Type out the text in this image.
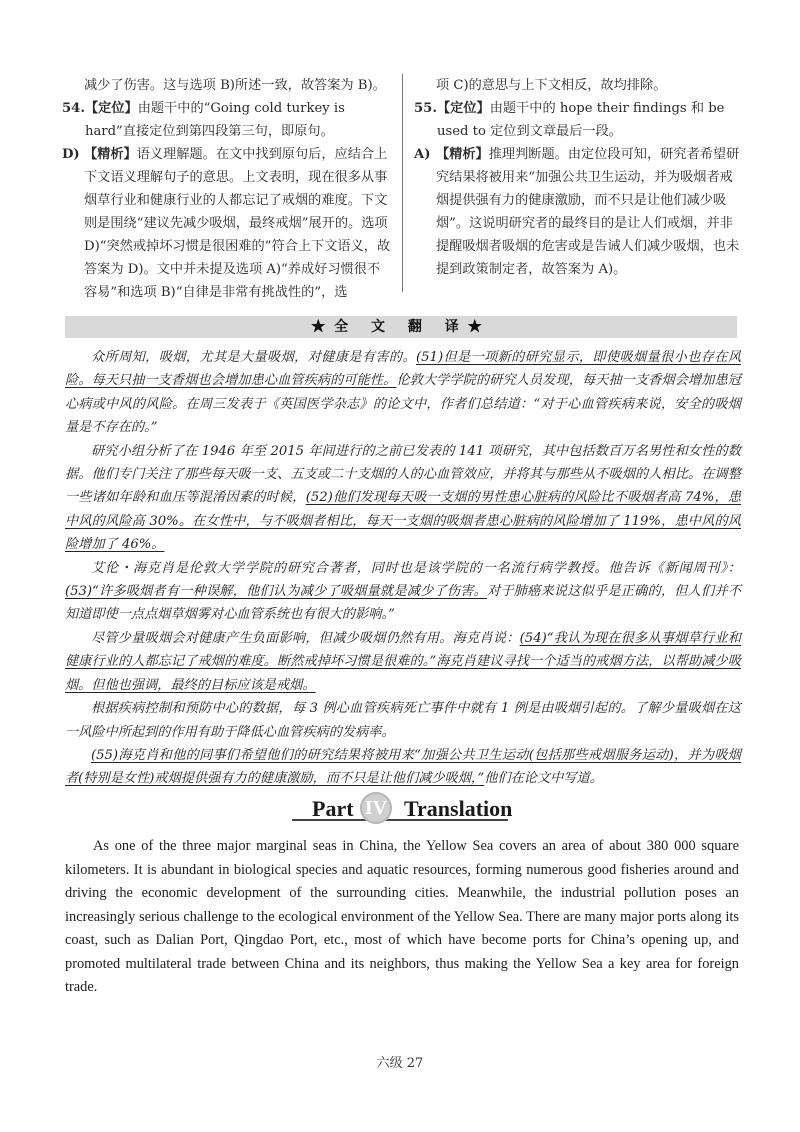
减少了伤害。这与选项 B)所述一致，故答案为 B)。

54. 【定位】由题干中的“Going cold turkey is hard”直接定位到第四段第三句，即原句。
D) 【精析】语义理解题。在文中找到原句后，应结合上下文语义理解句子的意思。上文表明，现在很多从事烟草行业和健康行业的人都忘记了戒烟的难度。下文则是围绕“建议先减少吸烟，最终戒烟”展开的。选项 D)“突然戒掉坏习惯是很困难的”符合上下文语义，故答案为 D)。文中并未提及选项 A)“养成好习惯很不容易”和选项 B)“自律是非常有挑战性的”，选

项 C)的意思与上下文相反，故均排除。

55. 【定位】由题干中的 hope their findings 和 be used to 定位到文章最后一段。
A) 【精析】推理判断题。由定位段可知，研究者希望研究结果将被用来“加强公共卫生运动，并为吸烟者戒烟提供强有力的健康激励，而不只是让他们减少吸烟”。这说明研究者的最终目的是让人们戒烟，并非提醒吸烟者吸烟的危害或是告诫人们减少吸烟，也未提到政策制定者，故答案为 A)。
★全 文 翻 译★

众所周知，吸烟，尤其是大量吸烟，对健康是有害的。(51)但是一项新的研究显示，即使吸烟量很小也存在风险。每天只抽一支香烟也会增加患心血管疾病的可能性。伦敦大学学院的研究人员发现，每天抽一支香烟会增加患冠心病或中风的风险。在周三发表于《英国医学杂志》的论文中，作者们总结道：“对于心血管疾病来说，安全的吸烟量是不存在的。”

研究小组分析了在 1946 年至 2015 年间进行的之前已发表的 141 项研究，其中包括数百万名男性和女性的数据。他们专门关注了那些每天吸一支、五支或二十支烟的人的心血管效应，并将其与那些从不吸烟的人相比。在调整一些诸如年龄和血压等混淆因素的时候，(52)他们发现每天吸一支烟的男性患心脏病的风险比不吸烟者高 74%，患中风的风险高 30%。在女性中，与不吸烟者相比，每天一支烟的吸烟者患心脏病的风险增加了 119%，患中风的风险增加了 46%。

艾伦・海克肖是伦敦大学学院的研究合著者，同时也是该学院的一名流行病学教授。他告诉《新闻周刊》：(53)“许多吸烟者有一种误解，他们认为减少了吸烟量就是减少了伤害。对于肺癌来说这似乎是正确的，但人们并不知道即使一点点烟草烟雾对心血管系统也有很大的影响。”

尽管少量吸烟会对健康产生负面影响，但减少吸烟仍然有用。海克肖说：(54)“我认为现在很多从事烟草行业和健康行业的人都忘记了戒烟的难度。断然戒掉坏习惯是很难的。”海克肖建议寻找一个适当的戒烟方法，以帮助减少吸烟。但他也强调，最终的目标应该是戒烟。

根据疾病控制和预防中心的数据，每 3 例心血管疾病死亡事件中就有 1 例是由吸烟引起的。了解少量吸烟在这一风险中所起到的作用有助于降低心血管疾病的发病率。

(55)海克肖和他的同事们希望他们的研究结果将被用来“加强公共卫生运动(包括那些戒烟服务运动)，并为吸烟者(特别是女性)戒烟提供强有力的健康激励，而不只是让他们减少吸烟，”他们在论文中写道。

Part IV Translation

As one of the three major marginal seas in China, the Yellow Sea covers an area of about 380 000 square kilometers. It is abundant in biological species and aquatic resources, forming numerous good fisheries around and driving the economic development of the surrounding cities. Meanwhile, the industrial pollution poses an increasingly serious challenge to the ecological environment of the Yellow Sea. There are many major ports along its coast, such as Dalian Port, Qingdao Port, etc., most of which have become ports for China’s opening up, and promoted multilateral trade between China and its neighbors, thus making the Yellow Sea a key area for foreign trade.

六级 27
